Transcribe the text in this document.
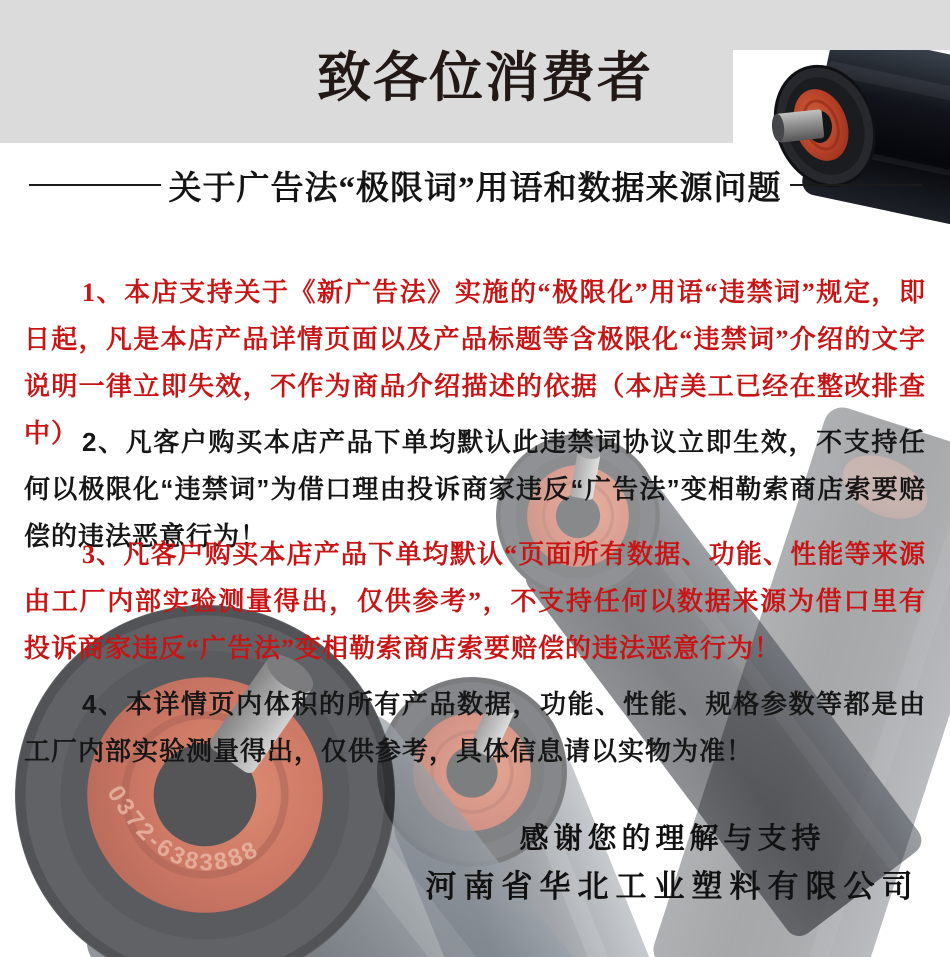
0372-6383888
致各位消费者
关于广告法“极限词”用语和数据来源问题

1、本店支持关于《新广告法》实施的“极限化”用语“违禁词”规定，即日起，凡是本店产品详情页面以及产品标题等含极限化“违禁词”介绍的文字说明一律立即失效，不作为商品介绍描述的依据（本店美工已经在整改排查中） 2、凡客户购买本店产品下单均默认此违禁词协议立即生效，不支持任何以极限化“违禁词”为借口理由投诉商家违反“广告法”变相勒索商店索要赔偿的违法恶意行为！

3、凡客户购买本店产品下单均默认“页面所有数据、功能、性能等来源由工厂内部实验测量得出，仅供参考”，不支持任何以数据来源为借口里有投诉商家违反“广告法”变相勒索商店索要赔偿的违法恶意行为！

4、本详情页内体积的所有产品数据，功能、性能、规格参数等都是由工厂内部实验测量得出，仅供参考，具体信息请以实物为准！

感谢您的理解与支持
河南省华北工业塑料有限公司
